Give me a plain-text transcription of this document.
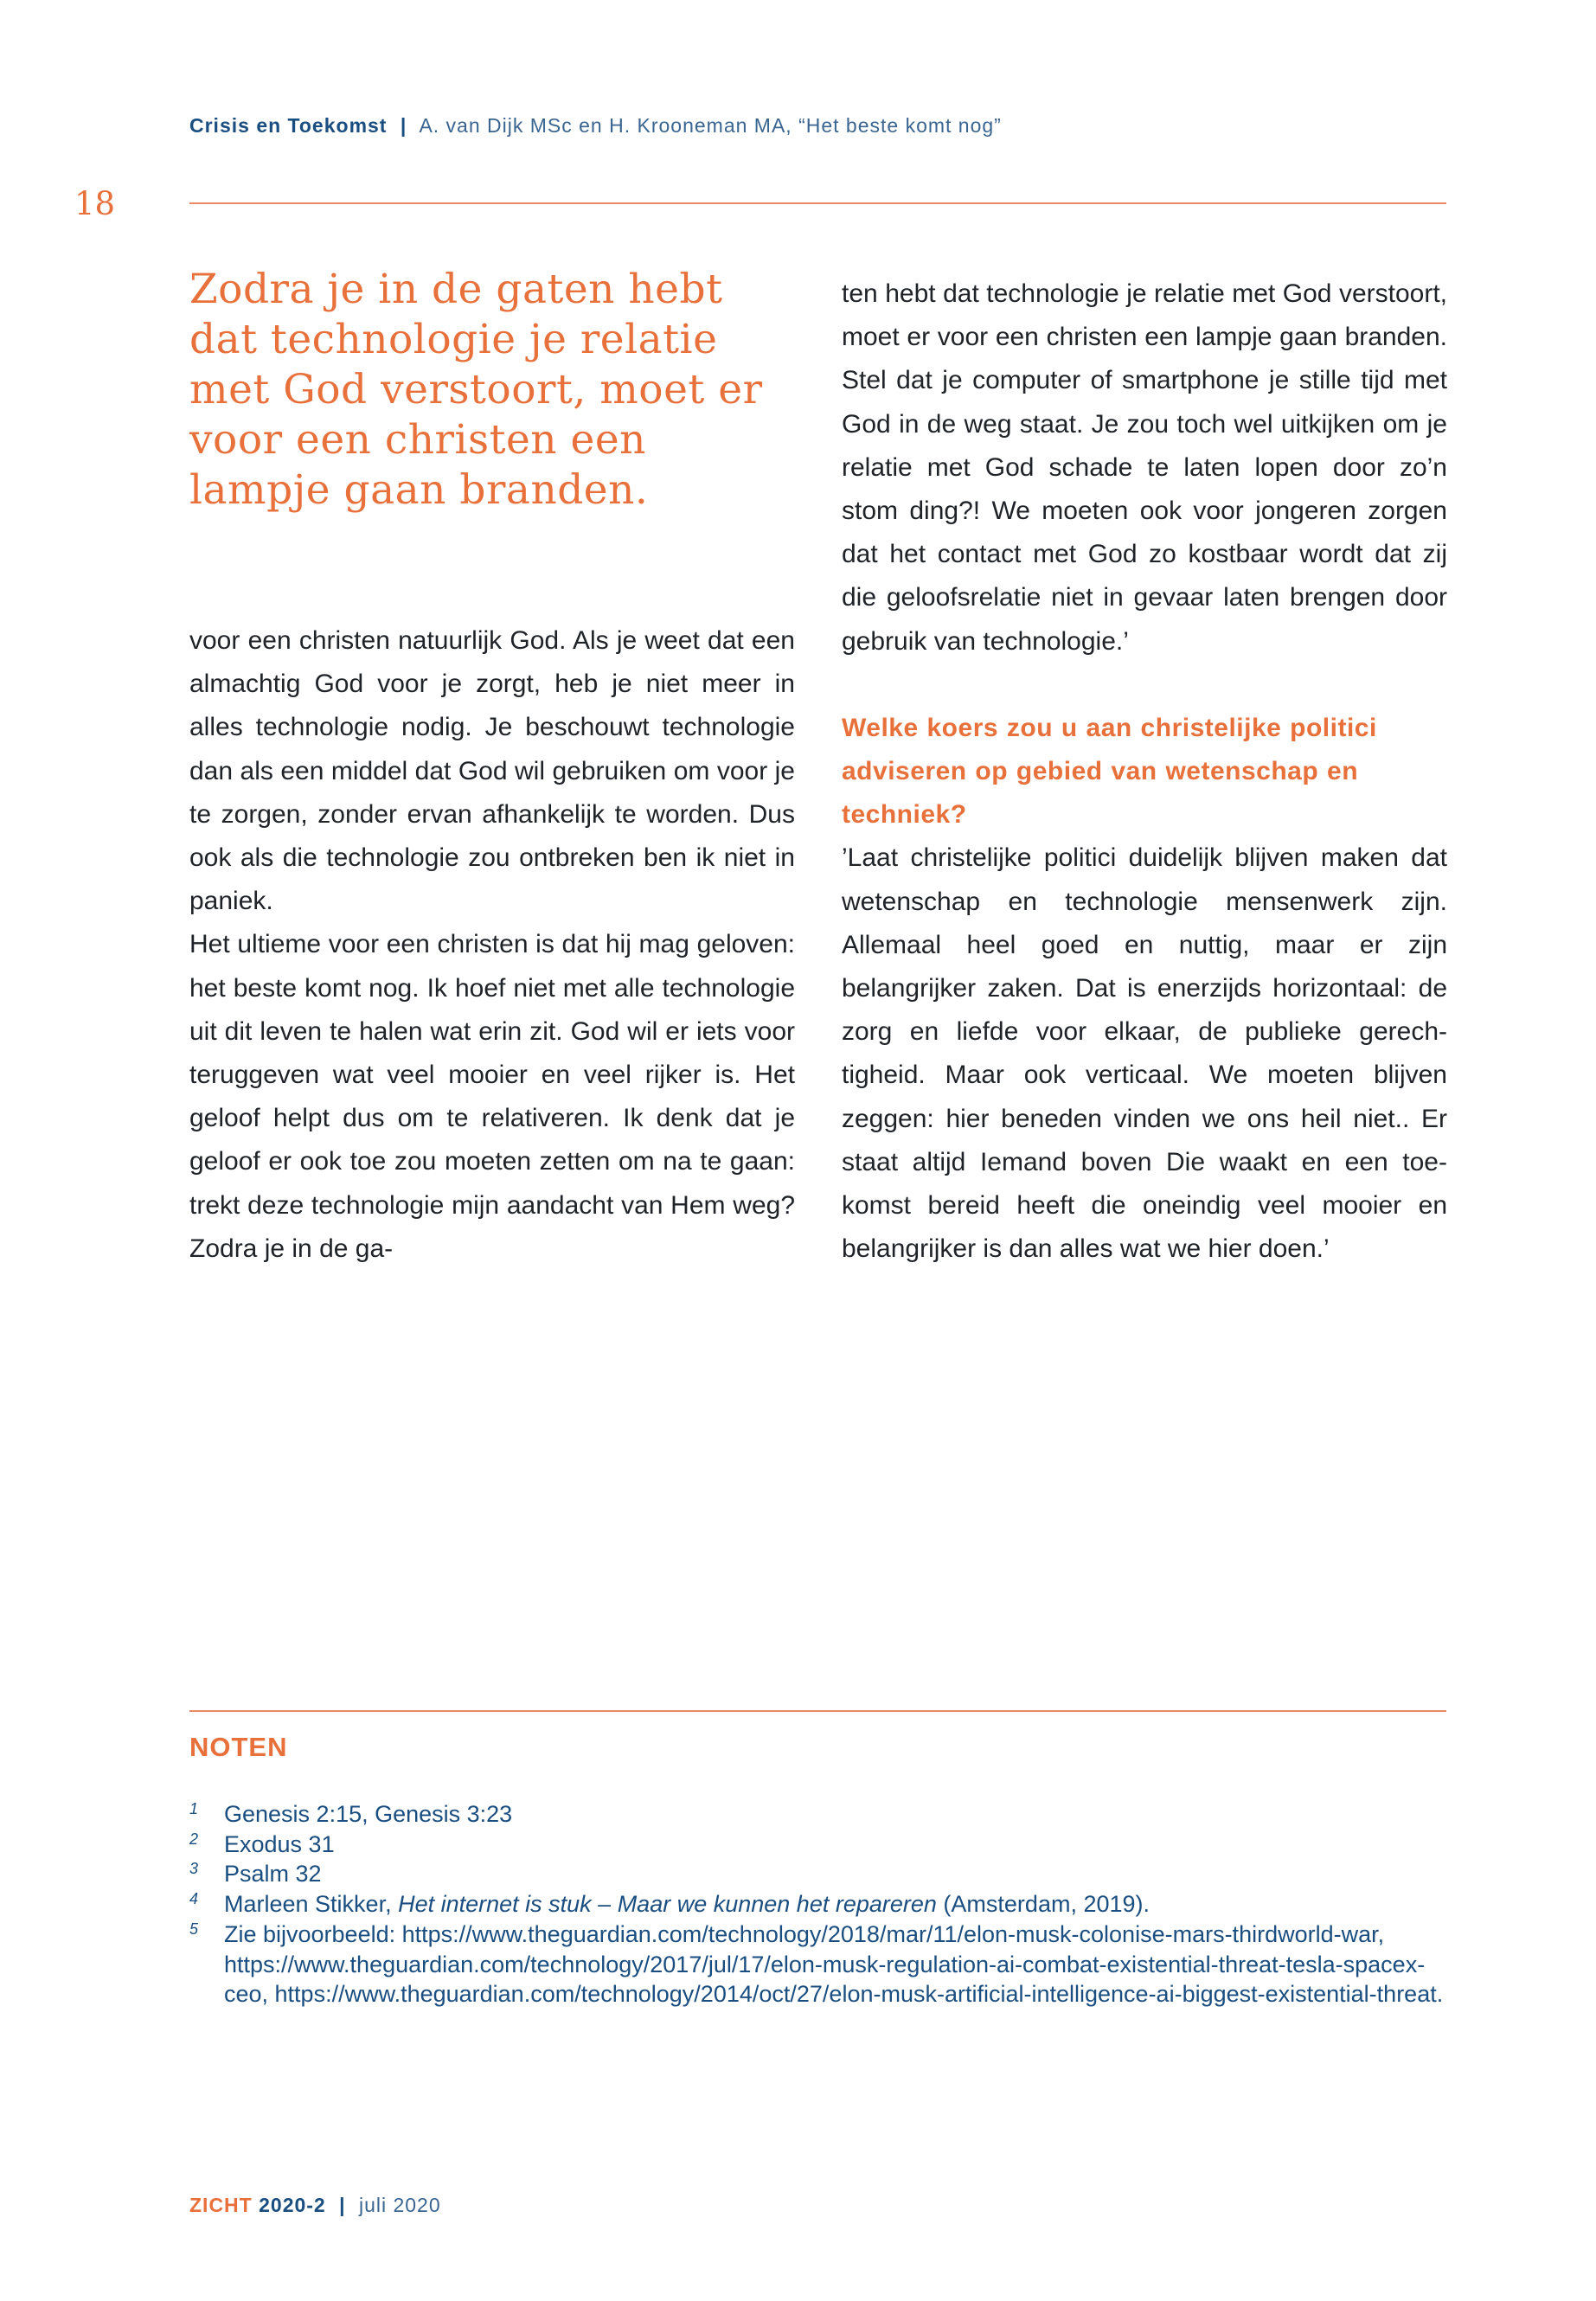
Crisis en Toekomst | A. van Dijk MSc en H. Krooneman MA, “Het beste komt nog”
18
Zodra je in de gaten hebt dat technologie je relatie met God verstoort, moet er voor een christen een lampje gaan branden.

voor een christen natuurlijk God. Als je weet dat een almachtig God voor je zorgt, heb je niet meer in alles technologie nodig. Je beschouwt technologie dan als een middel dat God wil gebruiken om voor je te zorgen, zonder ervan afhankelijk te worden. Dus ook als die technologie zou ontbreken ben ik niet in paniek.

Het ultieme voor een christen is dat hij mag geloven: het beste komt nog. Ik hoef niet met alle technologie uit dit leven te halen wat erin zit. God wil er iets voor teruggeven wat veel mooier en veel rijker is. Het geloof helpt dus om te relativeren. Ik denk dat je geloof er ook toe zou moeten zetten om na te gaan: trekt deze technologie mijn aandacht van Hem weg? Zodra je in de ga-

ten hebt dat technologie je relatie met God verstoort, moet er voor een christen een lampje gaan branden. Stel dat je computer of smartphone je stille tijd met God in de weg staat. Je zou toch wel uitkijken om je relatie met God schade te laten lopen door zo’n stom ding?! We moeten ook voor jongeren zorgen dat het contact met God zo kostbaar wordt dat zij die geloofsrelatie niet in gevaar laten brengen door gebruik van technologie.’

Welke koers zou u aan christelijke politici adviseren op gebied van wetenschap en techniek?

’Laat christelijke politici duidelijk blijven maken dat wetenschap en technologie mensenwerk zijn. Allemaal heel goed en nuttig, maar er zijn belangrijker zaken. Dat is enerzijds horizontaal: de zorg en liefde voor elkaar, de publieke gerechtigheid. Maar ook verticaal. We moeten blijven zeggen: hier beneden vinden we ons heil niet.. Er staat altijd Iemand boven Die waakt en een toekomst bereid heeft die oneindig veel mooier en belangrijker is dan alles wat we hier doen.’

NOTEN
1 Genesis 2:15, Genesis 3:23
2 Exodus 31
3 Psalm 32
4 Marleen Stikker, Het internet is stuk – Maar we kunnen het repareren (Amsterdam, 2019).
5 Zie bijvoorbeeld: https://www.theguardian.com/technology/2018/mar/11/elon-musk-colonise-mars-thirdworld-war, https://www.theguardian.com/technology/2017/jul/17/elon-musk-regulation-ai-combat-existential-threat-tesla-spacex-ceo, https://www.theguardian.com/technology/2014/oct/27/elon-musk-artificial-intelligence-ai-biggest-existential-threat.
ZICHT 2020-2 | juli 2020
